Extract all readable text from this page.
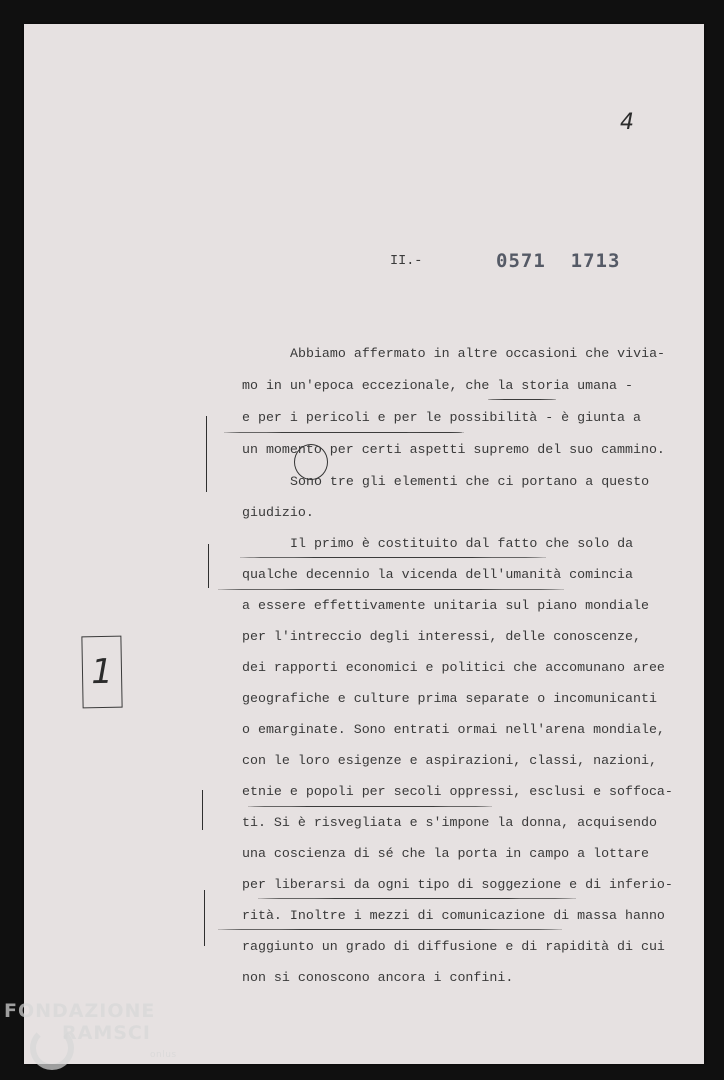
4
II.-	0571  1713
Abbiamo affermato in altre occasioni che vivia-
mo in un'epoca eccezionale, che la storia umana -
e per i pericoli e per le possibilità - è giunta a
un momento per certi aspetti supremo del suo cammino.
Sono tre gli elementi che ci portano a questo
giudizio.
Il primo è costituito dal fatto che solo da
qualche decennio la vicenda dell'umanità comincia
a essere effettivamente unitaria sul piano mondiale
per l'intreccio degli interessi, delle conoscenze,
dei rapporti economici e politici che accomunano aree
geografiche e culture prima separate o incomunicanti
o emarginate. Sono entrati ormai nell'arena mondiale,
con le loro esigenze e aspirazioni, classi, nazioni,
etnie e popoli per secoli oppressi, esclusi e soffoca-
ti. Si è risvegliata e s'impone la donna, acquisendo
una coscienza di sé che la porta in campo a lottare
per liberarsi da ogni tipo di soggezione e di inferio-
rità. Inoltre i mezzi di comunicazione di massa hanno
raggiunto un grado di diffusione e di rapidità di cui
non si conoscono ancora i confini.
1
FONDAZIONE
RAMSCI
onlus
